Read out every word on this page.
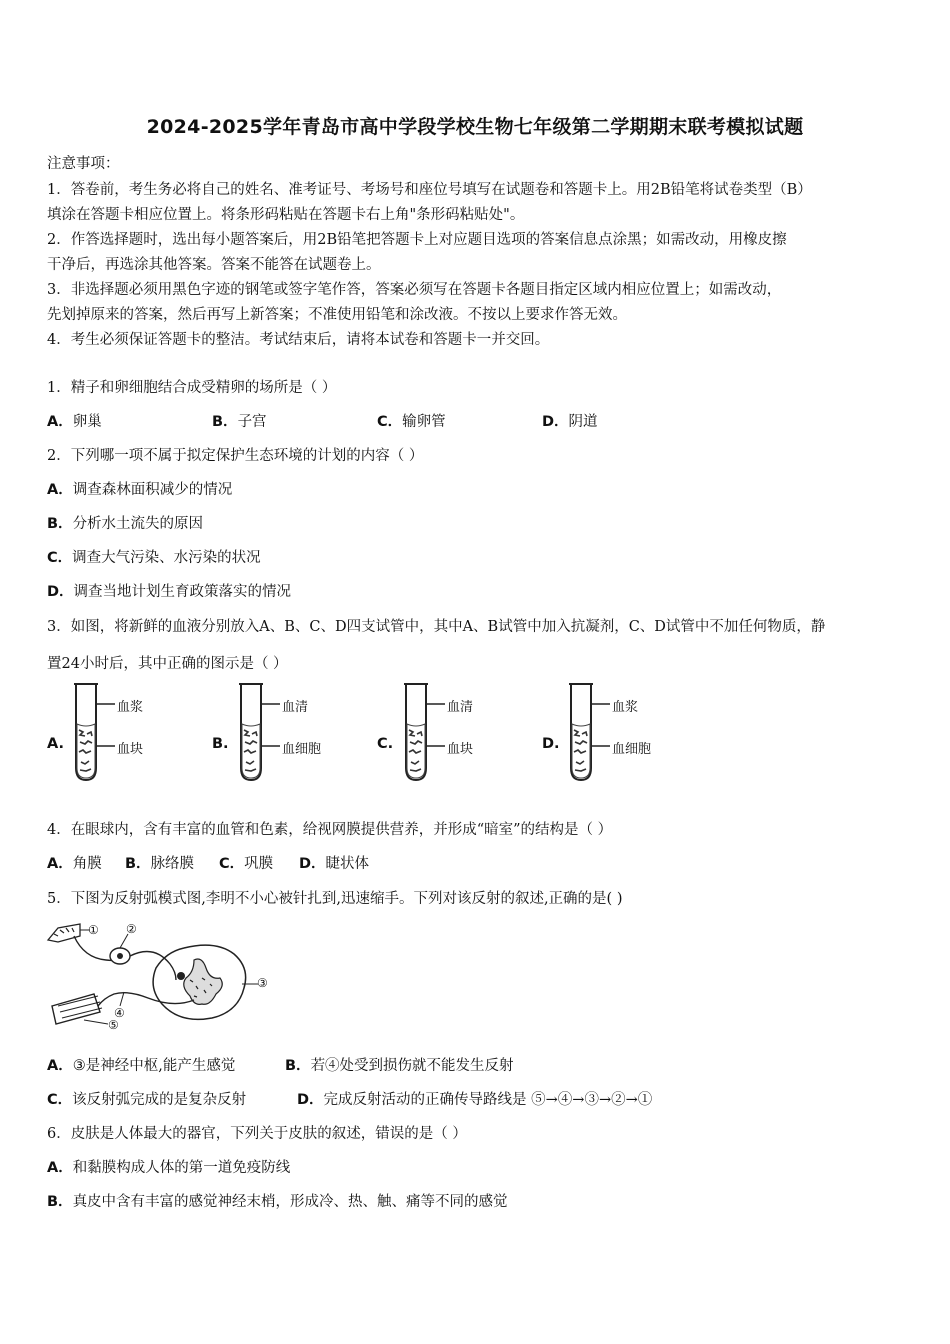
2024-2025学年青岛市高中学段学校生物七年级第二学期期末联考模拟试题
注意事项：
1．答卷前，考生务必将自己的姓名、准考证号、考场号和座位号填写在试题卷和答题卡上。用2B铅笔将试卷类型（B）
填涂在答题卡相应位置上。将条形码粘贴在答题卡右上角"条形码粘贴处"。
2．作答选择题时，选出每小题答案后，用2B铅笔把答题卡上对应题目选项的答案信息点涂黑；如需改动，用橡皮擦
干净后，再选涂其他答案。答案不能答在试题卷上。
3．非选择题必须用黑色字迹的钢笔或签字笔作答，答案必须写在答题卡各题目指定区域内相应位置上；如需改动，
先划掉原来的答案，然后再写上新答案；不准使用铅笔和涂改液。不按以上要求作答无效。
4．考生必须保证答题卡的整洁。考试结束后，请将本试卷和答题卡一并交回。
1．精子和卵细胞结合成受精卵的场所是（ ）
A．卵巢	B．子宫	C．输卵管	D．阴道
2．下列哪一项不属于拟定保护生态环境的计划的内容（ ）
A．调查森林面积减少的情况
B．分析水土流失的原因
C．调查大气污染、水污染的状况
D．调查当地计划生育政策落实的情况
3．如图，将新鲜的血液分别放入A、B、C、D四支试管中，其中A、B试管中加入抗凝剂，C、D试管中不加任何物质，静
置24小时后，其中正确的图示是（ ）
A.
血浆
血块	B.
血清
血细胞	C.
血清
血块	D.
血浆
血细胞
4．在眼球内，含有丰富的血管和色素，给视网膜提供营养，并形成“暗室”的结构是（ ）
A．角膜 B．脉络膜 C．巩膜 D．睫状体
5．下图为反射弧模式图,李明不小心被针扎到,迅速缩手。下列对该反射的叙述,正确的是( )
① ②
③
④
⑤
A．③是神经中枢,能产生感觉	B．若④处受到损伤就不能发生反射
C．该反射弧完成的是复杂反射	D．完成反射活动的正确传导路线是 ⑤→④→③→②→①
6．皮肤是人体最大的器官，下列关于皮肤的叙述，错误的是（ ）
A．和黏膜构成人体的第一道免疫防线
B．真皮中含有丰富的感觉神经末梢，形成冷、热、触、痛等不同的感觉
